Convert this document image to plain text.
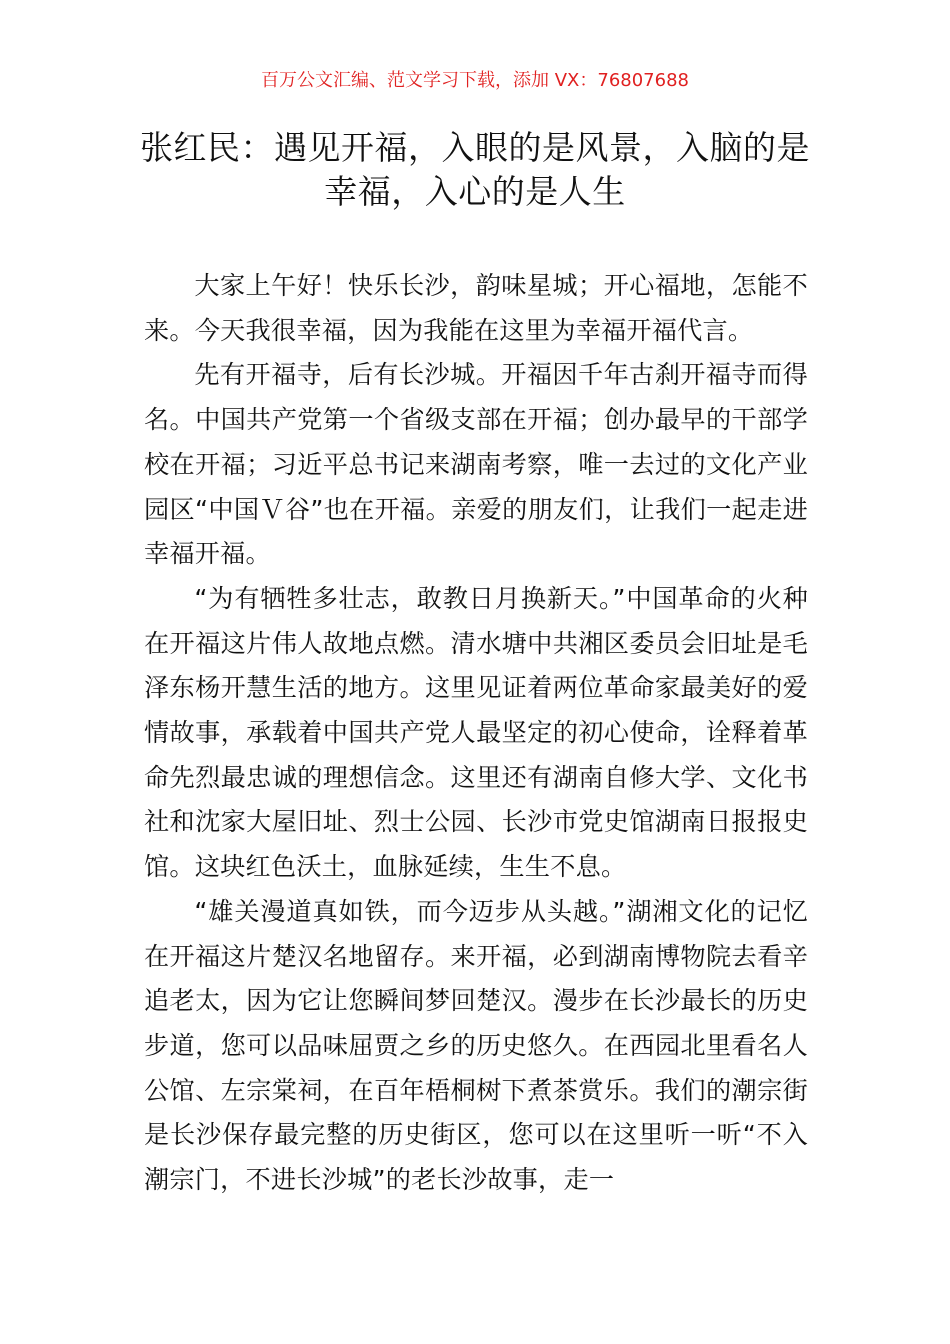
百万公文汇编、范文学习下载，添加 VX：76807688
张红民：遇见开福，入眼的是风景，入脑的是幸福，入心的是人生

大家上午好！快乐长沙，韵味星城；开心福地，怎能不来。今天我很幸福，因为我能在这里为幸福开福代言。

先有开福寺，后有长沙城。开福因千年古刹开福寺而得名。中国共产党第一个省级支部在开福；创办最早的干部学校在开福；习近平总书记来湖南考察，唯一去过的文化产业园区“中国Ｖ谷”也在开福。亲爱的朋友们，让我们一起走进幸福开福。

“为有牺牲多壮志，敢教日月换新天。”中国革命的火种在开福这片伟人故地点燃。清水塘中共湘区委员会旧址是毛泽东杨开慧生活的地方。这里见证着两位革命家最美好的爱情故事，承载着中国共产党人最坚定的初心使命，诠释着革命先烈最忠诚的理想信念。这里还有湖南自修大学、文化书社和沈家大屋旧址、烈士公园、长沙市党史馆湖南日报报史馆。这块红色沃土，血脉延续，生生不息。

“雄关漫道真如铁，而今迈步从头越。”湖湘文化的记忆在开福这片楚汉名地留存。来开福，必到湖南博物院去看辛追老太，因为它让您瞬间梦回楚汉。漫步在长沙最长的历史步道，您可以品味屈贾之乡的历史悠久。在西园北里看名人公馆、左宗棠祠，在百年梧桐树下煮茶赏乐。我们的潮宗街是长沙保存最完整的历史街区，您可以在这里听一听“不入潮宗门，不进长沙城”的老长沙故事，走一
